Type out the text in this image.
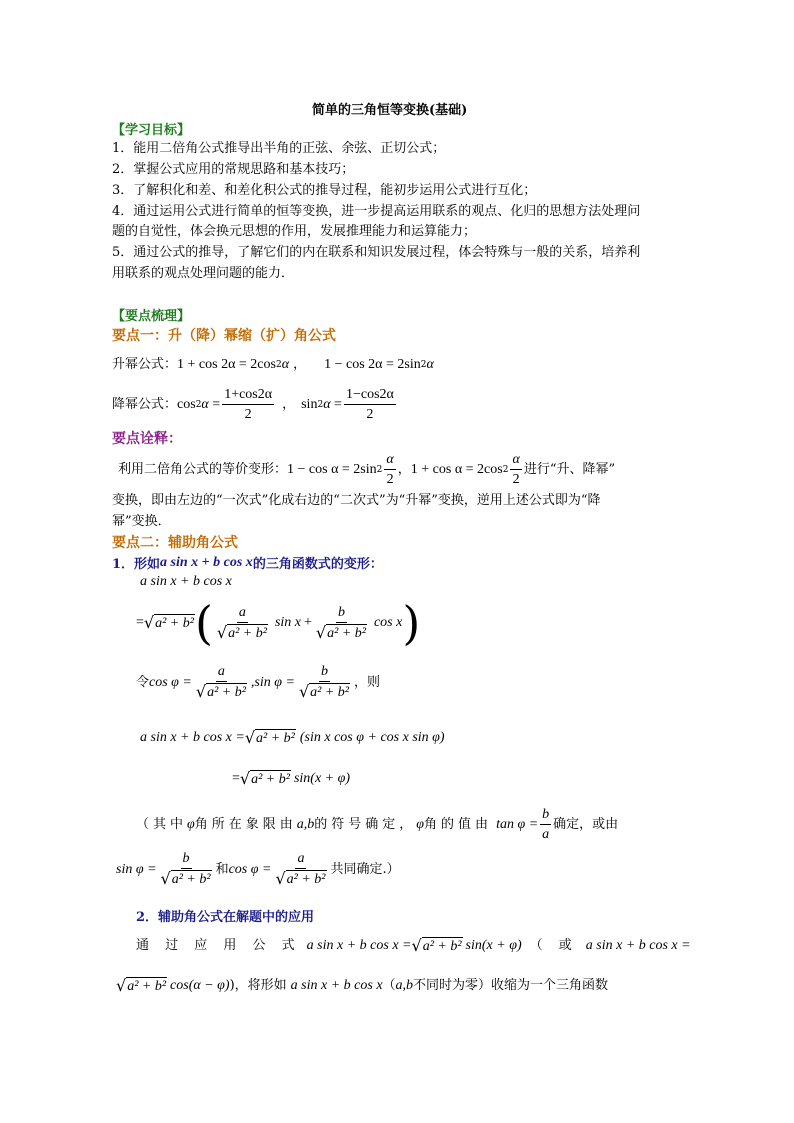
简单的三角恒等变换(基础)
【学习目标】
1．能用二倍角公式推导出半角的正弦、余弦、正切公式；
2．掌握公式应用的常规思路和基本技巧；
3．了解积化和差、和差化积公式的推导过程，能初步运用公式进行互化；
4．通过运用公式进行简单的恒等变换，进一步提高运用联系的观点、化归的思想方法处理问
题的自觉性，体会换元思想的作用，发展推理能力和运算能力；
5．通过公式的推导，了解它们的内在联系和知识发展过程，体会特殊与一般的关系，培养利
用联系的观点处理问题的能力．
【要点梳理】
要点一：升（降）幂缩（扩）角公式
升幂公式： 1 + cos 2α = 2cos 2 α ， 1 − cos 2α = 2sin 2 α
降幂公式： cos 2 $\alpha = \frac{1+\cos 2\alpha}{2}$ ， sin 2 $\alpha = \frac{1-\cos 2\alpha}{2}$
要点诠释：
利用二倍角公式的等价变形： 1 − cos α = 2sin $2 \frac{\alpha}{2}$ ， 1 + cos α = 2cos $2 \frac{\alpha}{2}$ 进行“升、降幂”
变换，即由左边的“一次式”化成右边的“二次式”为“升幂”变换，逆用上述公式即为“降
幂”变换．
要点二：辅助角公式
1．形如 a sin x + b cos x 的三角函数式的变形：
a sin x + b cos x
= √ a² + b² ( $\frac{a}{\text{√ a² + b²}}$ $\sin x + \frac{b}{\text{√ a² + b²}}$ cos x )
令 $\cos \varphi = \frac{a}{\text{√ a² + b²}} ,\sin$ $\varphi = \frac{b}{\text{√ a² + b²}}$ ，则
a sin x + b cos x = √ a² + b² (sin x cos φ + cos x sin φ)
= √ a² + b² sin(x + φ)
（其中 φ 角所在象限由 a,b 的符号确定， φ 角的值由 $\tan \varphi = \frac{b}{a}$ 确定，或由
$\sin \varphi = \frac{b}{\text{√ a² + b²}}$ 和 $\cos \varphi = \frac{a}{\text{√ a² + b²}}$ 共同确定.）
2．辅助角公式在解题中的应用
通 过 应 用 公 式 a sin x + b cos x = √ a² + b² sin(x + φ) （ 或 a sin x + b cos x =
√ a² + b² cos(α − φ) )，将形如 a sin x + b cos x （ a,b 不同时为零）收缩为一个三角函数
